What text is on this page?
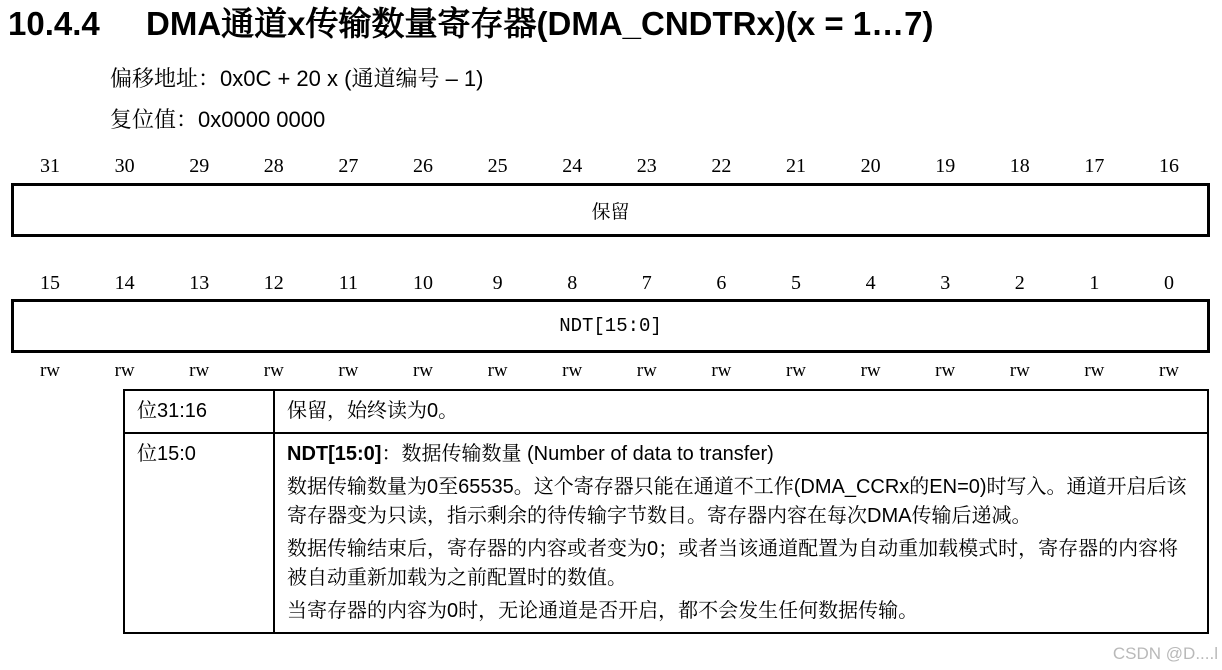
10.4.4 DMA通道x传输数量寄存器(DMA_CNDTRx)(x = 1…7)
偏移地址：0x0C + 20 x (通道编号 – 1)
复位值：0x0000 0000
31	30	29	28	27	26	25	24	23	22	21	20	19	18	17	16
保留
15	14	13	12	11	10	9	8	7	6	5	4	3	2	1	0
NDT[15:0]
rw	rw	rw	rw	rw	rw	rw	rw	rw	rw	rw	rw	rw	rw	rw	rw
位31:16	保留，始终读为0。
位15:0	NDT[15:0]：数据传输数量 (Number of data to transfer)

数据传输数量为0至65535。这个寄存器只能在通道不工作(DMA_CCRx的EN=0)时写入。通道开启后该寄存器变为只读，指示剩余的待传输字节数目。寄存器内容在每次DMA传输后递减。

数据传输结束后，寄存器的内容或者变为0；或者当该通道配置为自动重加载模式时，寄存器的内容将被自动重新加载为之前配置时的数值。

当寄存器的内容为0时，无论通道是否开启，都不会发生任何数据传输。

CSDN @D....l
